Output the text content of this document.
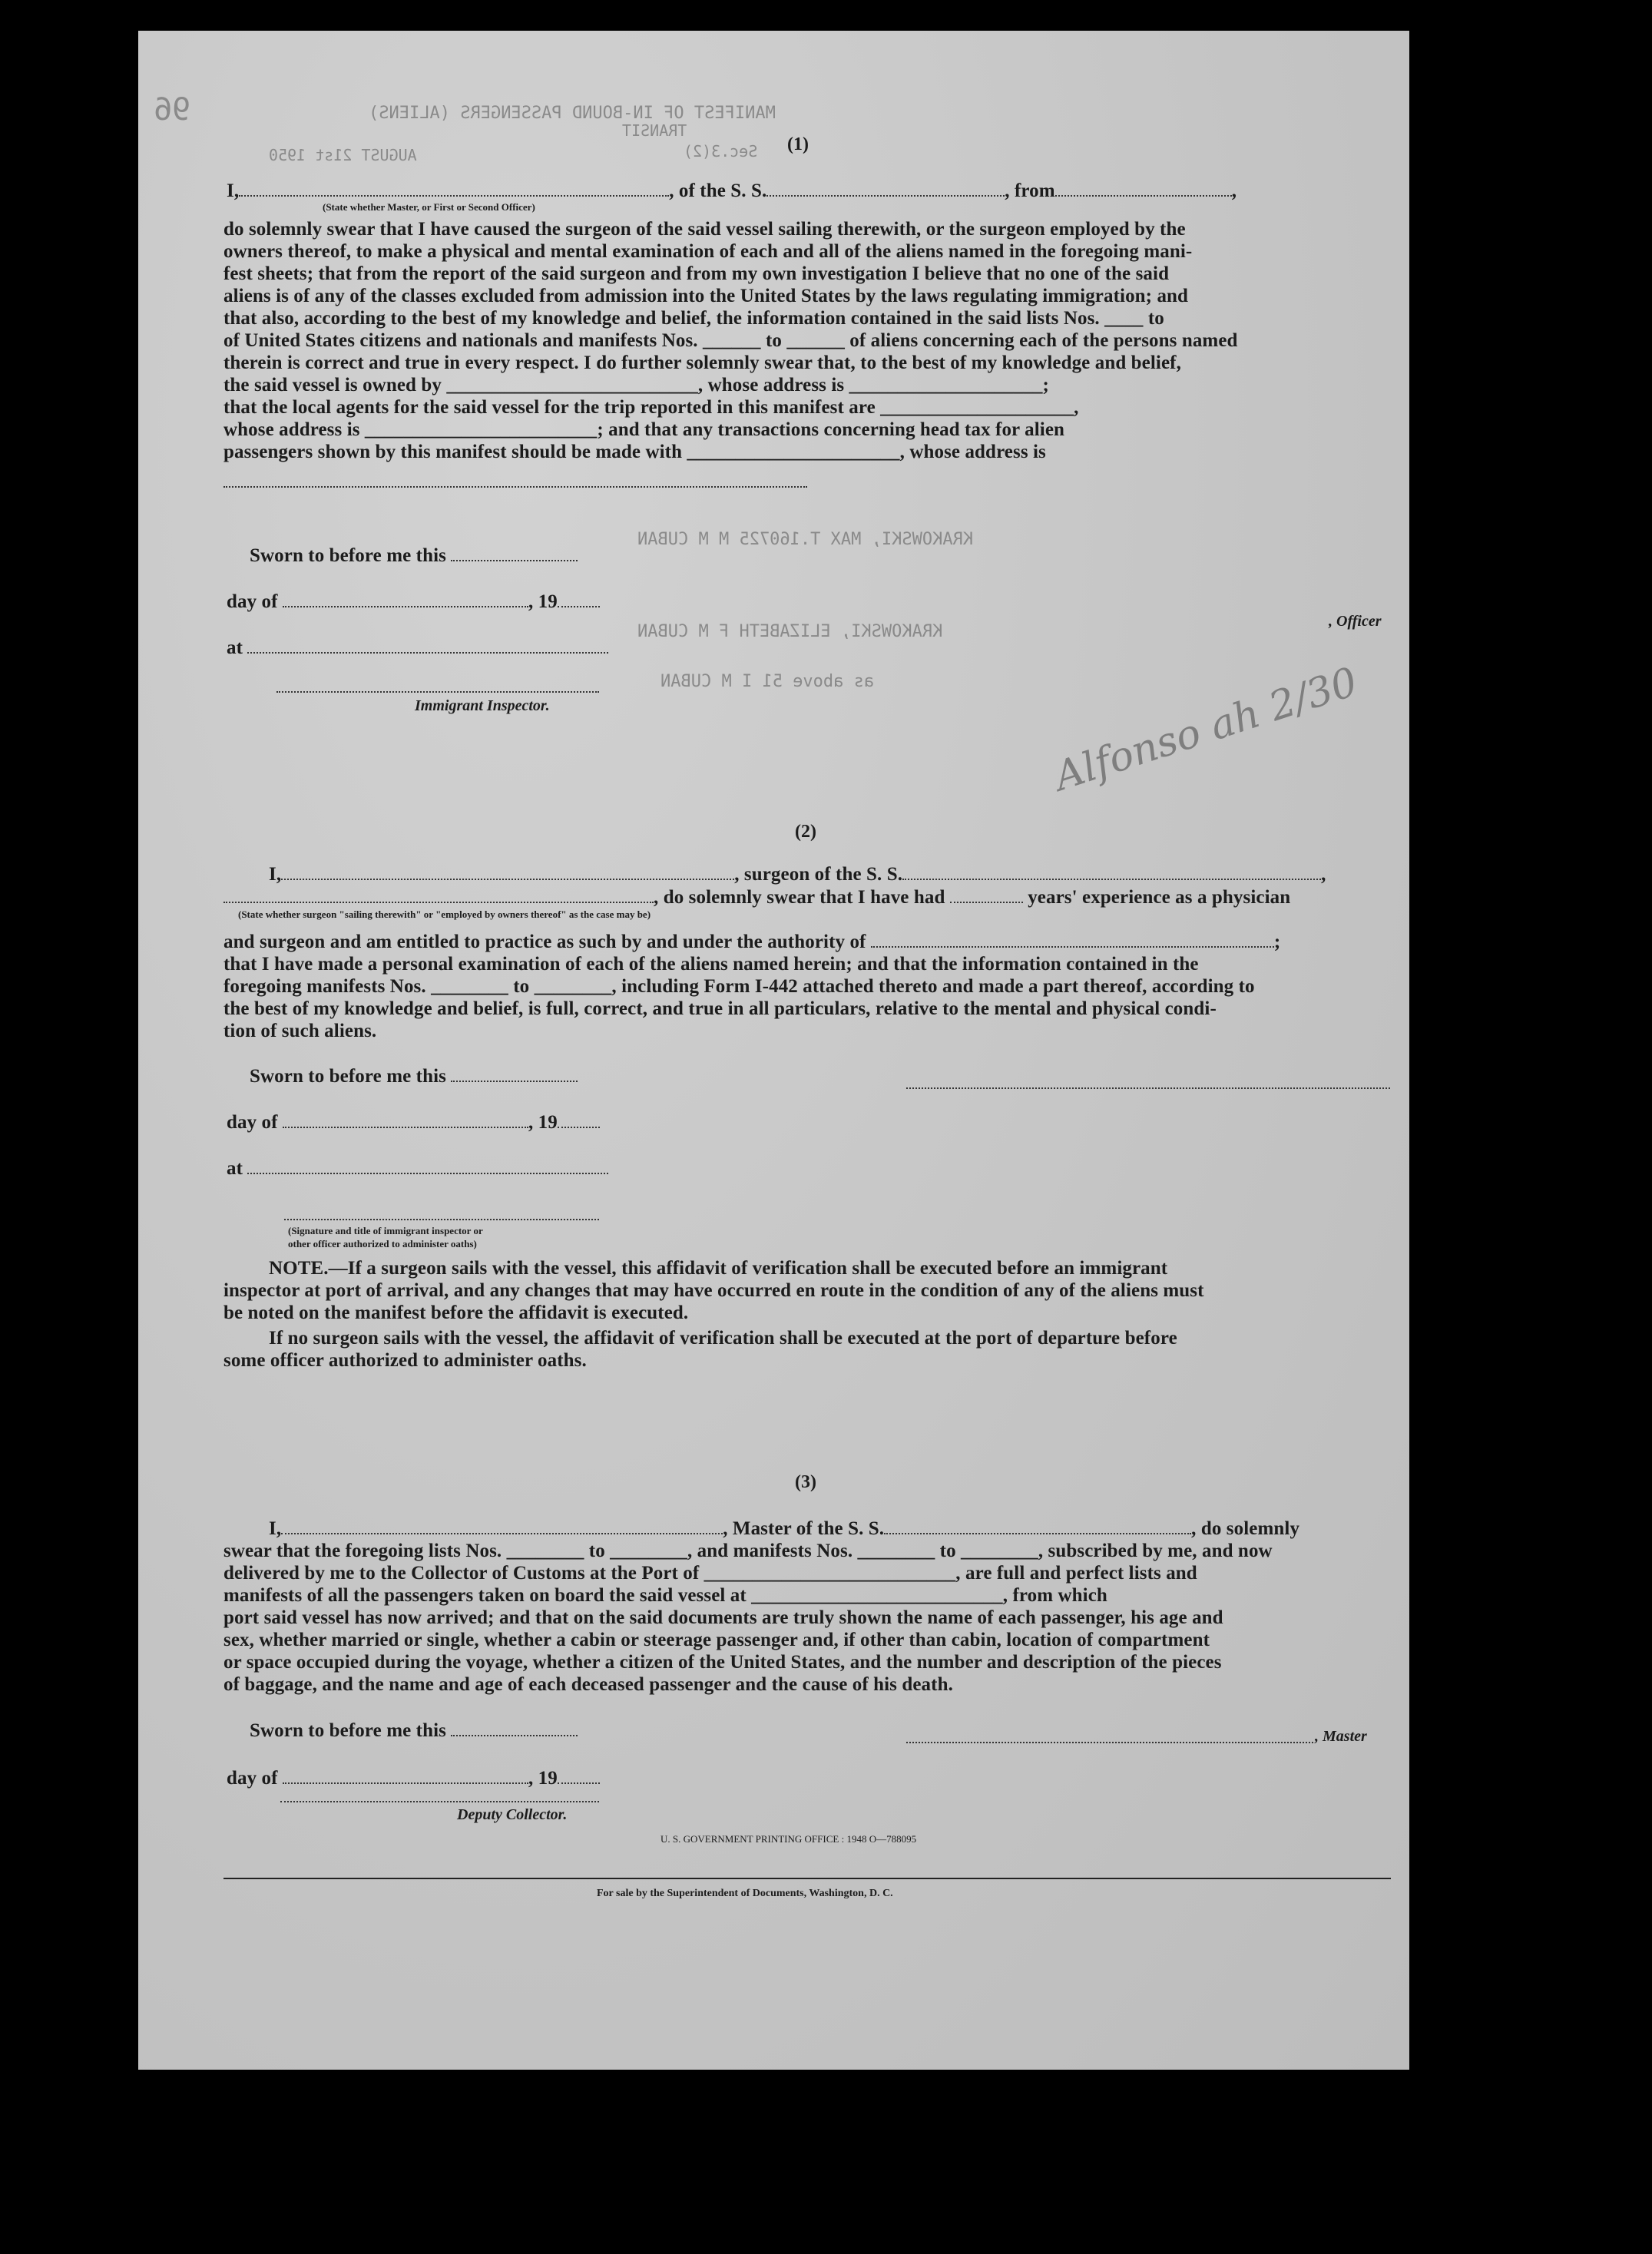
MANIFEST OF IN-BOUND PASSENGERS (ALIENS)
AUGUST 21st 1950
TRANSIT
Sec.3(2)
96
(1)
I,	, of the S. S.	, from	,
(State whether Master, or First or Second Officer)
do solemnly swear that I have caused the surgeon of the said vessel sailing therewith, or the surgeon employed by the
owners thereof, to make a physical and mental examination of each and all of the aliens named in the foregoing mani-
fest sheets; that from the report of the said surgeon and from my own investigation I believe that no one of the said
aliens is of any of the classes excluded from admission into the United States by the laws regulating immigration; and
that also, according to the best of my knowledge and belief, the information contained in the said lists Nos. ____ to
of United States citizens and nationals and manifests Nos. ______ to ______ of aliens concerning each of the persons named
therein is correct and true in every respect. I do further solemnly swear that, to the best of my knowledge and belief,
the said vessel is owned by __________________________, whose address is ____________________;
that the local agents for the said vessel for the trip reported in this manifest are ____________________,
whose address is ________________________; and that any transactions concerning head tax for alien
passengers shown by this manifest should be made with ______________________, whose address is
Sworn to before me this
day of	, 19
at
Immigrant Inspector.
, Officer
Alfonso ah 2/30
KRAKOWSKI, MAX T.160725 M M CUBAN
KRAKOWSKI, ELIZABETH F M CUBAN
as above 51 I M CUBAN
(2)
I,	, surgeon of the S. S.	,
, do solemnly swear that I have had	years' experience as a physician
(State whether surgeon "sailing therewith" or "employed by owners thereof" as the case may be)
and surgeon and am entitled to practice as such by and under the authority of	;
that I have made a personal examination of each of the aliens named herein; and that the information contained in the
foregoing manifests Nos. ________ to ________, including Form I-442 attached thereto and made a part thereof, according to
the best of my knowledge and belief, is full, correct, and true in all particulars, relative to the mental and physical condi-
tion of such aliens.
Sworn to before me this
day of	, 19
at
(Signature and title of immigrant inspector or
other officer authorized to administer oaths)
NOTE.—If a surgeon sails with the vessel, this affidavit of verification shall be executed before an immigrant
inspector at port of arrival, and any changes that may have occurred en route in the condition of any of the aliens must
be noted on the manifest before the affidavit is executed.
If no surgeon sails with the vessel, the affidavit of verification shall be executed at the port of departure before
some officer authorized to administer oaths.
(3)
I,	, Master of the S. S.	, do solemnly
swear that the foregoing lists Nos. ________ to ________, and manifests Nos. ________ to ________, subscribed by me, and now
delivered by me to the Collector of Customs at the Port of __________________________, are full and perfect lists and
manifests of all the passengers taken on board the said vessel at __________________________, from which
port said vessel has now arrived; and that on the said documents are truly shown the name of each passenger, his age and
sex, whether married or single, whether a cabin or steerage passenger and, if other than cabin, location of compartment
or space occupied during the voyage, whether a citizen of the United States, and the number and description of the pieces
of baggage, and the name and age of each deceased passenger and the cause of his death.
Sworn to before me this	, Master
day of	, 19
Deputy Collector.
U. S. GOVERNMENT PRINTING OFFICE : 1948 O—788095
For sale by the Superintendent of Documents, Washington, D. C.
